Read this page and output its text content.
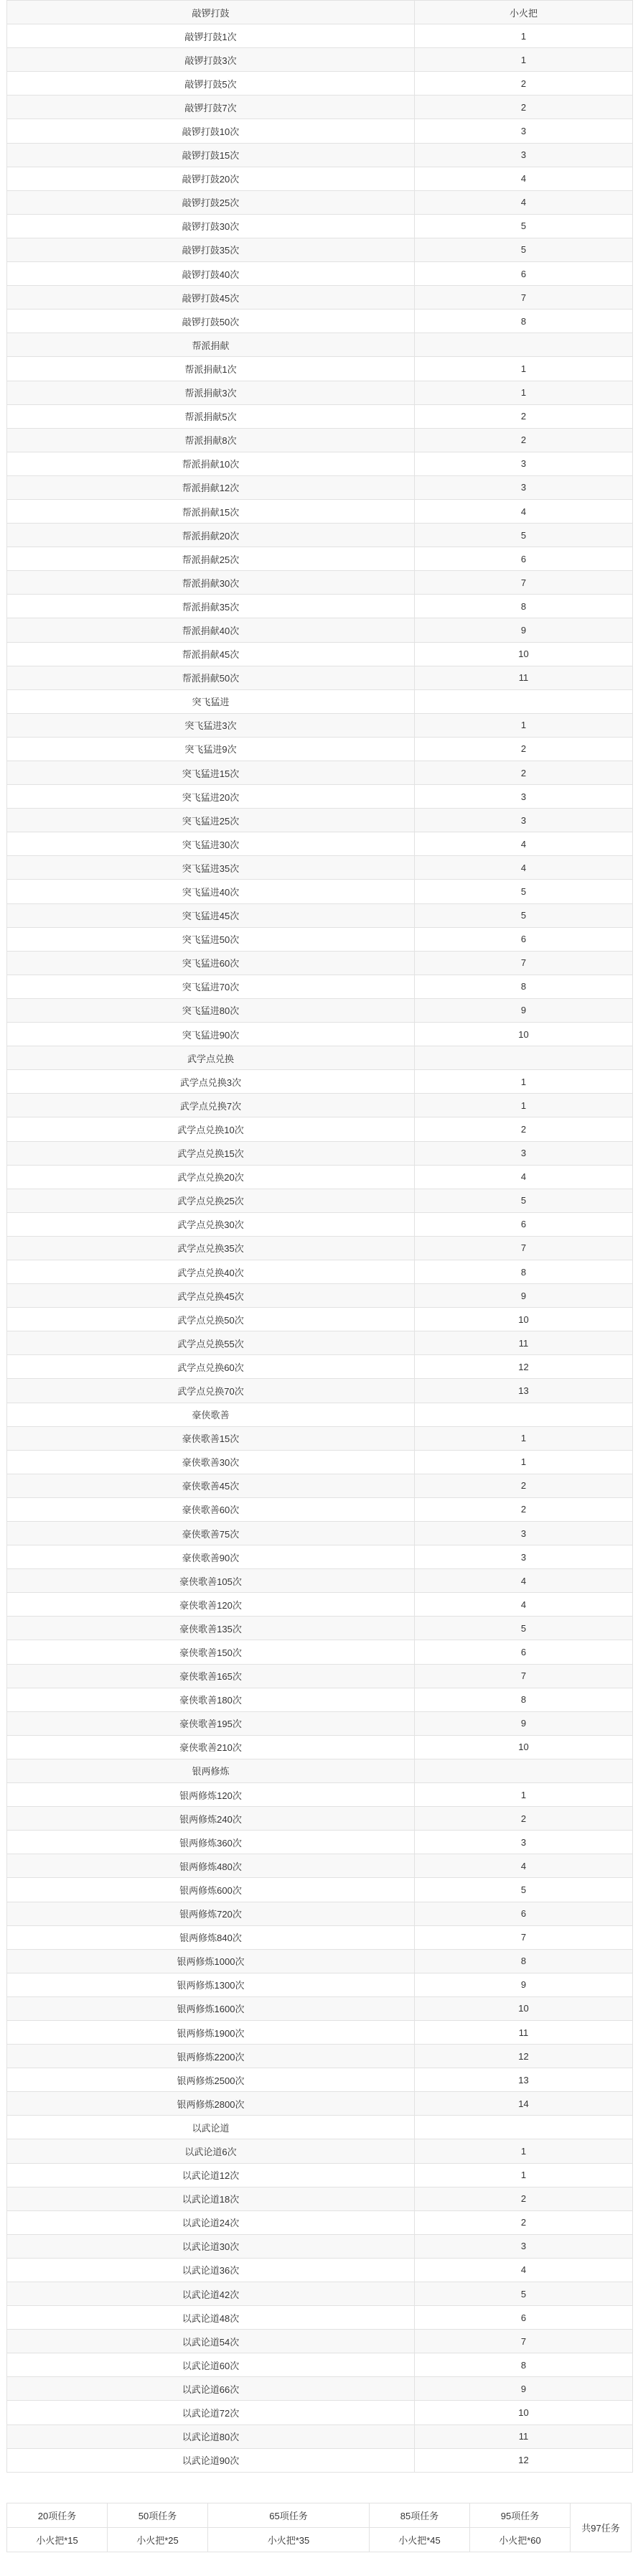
敲锣打鼓	小火把
敲锣打鼓1次	1
敲锣打鼓3次	1
敲锣打鼓5次	2
敲锣打鼓7次	2
敲锣打鼓10次	3
敲锣打鼓15次	3
敲锣打鼓20次	4
敲锣打鼓25次	4
敲锣打鼓30次	5
敲锣打鼓35次	5
敲锣打鼓40次	6
敲锣打鼓45次	7
敲锣打鼓50次	8
帮派捐献	
帮派捐献1次	1
帮派捐献3次	1
帮派捐献5次	2
帮派捐献8次	2
帮派捐献10次	3
帮派捐献12次	3
帮派捐献15次	4
帮派捐献20次	5
帮派捐献25次	6
帮派捐献30次	7
帮派捐献35次	8
帮派捐献40次	9
帮派捐献45次	10
帮派捐献50次	11
突飞猛进	
突飞猛进3次	1
突飞猛进9次	2
突飞猛进15次	2
突飞猛进20次	3
突飞猛进25次	3
突飞猛进30次	4
突飞猛进35次	4
突飞猛进40次	5
突飞猛进45次	5
突飞猛进50次	6
突飞猛进60次	7
突飞猛进70次	8
突飞猛进80次	9
突飞猛进90次	10
武学点兑换	
武学点兑换3次	1
武学点兑换7次	1
武学点兑换10次	2
武学点兑换15次	3
武学点兑换20次	4
武学点兑换25次	5
武学点兑换30次	6
武学点兑换35次	7
武学点兑换40次	8
武学点兑换45次	9
武学点兑换50次	10
武学点兑换55次	11
武学点兑换60次	12
武学点兑换70次	13
豪侠歌善	
豪侠歌善15次	1
豪侠歌善30次	1
豪侠歌善45次	2
豪侠歌善60次	2
豪侠歌善75次	3
豪侠歌善90次	3
豪侠歌善105次	4
豪侠歌善120次	4
豪侠歌善135次	5
豪侠歌善150次	6
豪侠歌善165次	7
豪侠歌善180次	8
豪侠歌善195次	9
豪侠歌善210次	10
银两修炼	
银两修炼120次	1
银两修炼240次	2
银两修炼360次	3
银两修炼480次	4
银两修炼600次	5
银两修炼720次	6
银两修炼840次	7
银两修炼1000次	8
银两修炼1300次	9
银两修炼1600次	10
银两修炼1900次	11
银两修炼2200次	12
银两修炼2500次	13
银两修炼2800次	14
以武论道	
以武论道6次	1
以武论道12次	1
以武论道18次	2
以武论道24次	2
以武论道30次	3
以武论道36次	4
以武论道42次	5
以武论道48次	6
以武论道54次	7
以武论道60次	8
以武论道66次	9
以武论道72次	10
以武论道80次	11
以武论道90次	12
20项任务	50项任务	65项任务	85项任务	95项任务	共97任务
小火把*15	小火把*25	小火把*35	小火把*45	小火把*60	
